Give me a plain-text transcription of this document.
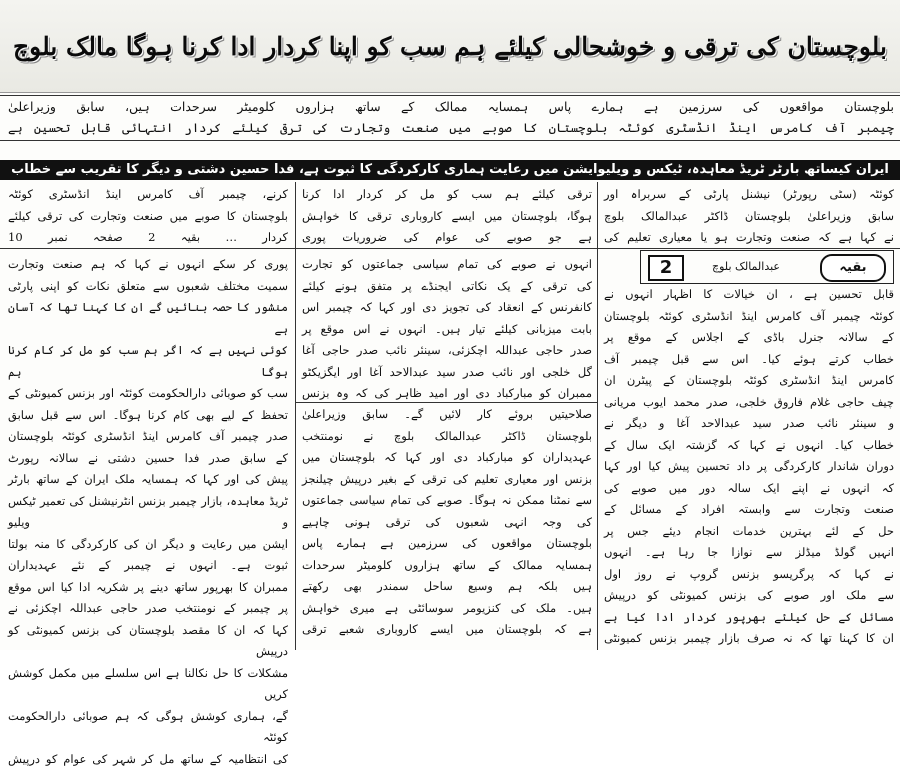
بلوچستان کی ترقی و خوشحالی کیلئے ہم سب کو اپنا کردار ادا کرنا ہوگا مالک بلوچ

بلوچستان مواقعوں کی سرزمین ہے ہمارے پاس ہمسایہ ممالک کے ساتھ ہزاروں کلومیٹر سرحدات ہیں، سابق وزیراعلیٰ

چیمبر آف کامرس اینڈ انڈسٹری کوئٹہ بلوچستان کا صوبے میں صنعت وتجارت کی ترقی کیلئے کردار انتہائی قابل تحسین ہے

ایران کیساتھ بارٹر ٹریڈ معاہدہ، ٹیکس و ویلیوایشن میں رعایت ہماری کارکردگی کا ثبوت ہے، فدا حسین دشتی و دیگر کا تقریب سے خطاب

کوئٹہ (سٹی رپورٹر) نیشنل پارٹی کے سربراہ اور

سابق وزیراعلیٰ بلوچستان ڈاکٹر عبدالمالک بلوچ

نے کہا ہے کہ صنعت وتجارت ہو یا معیاری تعلیم کی

ترقی کیلئے ہم سب کو مل کر کردار ادا کرنا

ہوگا، بلوچستان میں ایسے کاروباری ترقی کا خواہش

ہے جو صوبے کی عوام کی ضروریات پوری

کرنے، چیمبر آف کامرس اینڈ انڈسٹری کوئٹہ

بلوچستان کا صوبے میں صنعت وتجارت کی ترقی کیلئے

کردار … بقیہ 2 صفحہ نمبر 10

بقیہ
عبدالمالک بلوچ
2

قابل تحسین ہے ، ان خیالات کا اظہار انہوں نے

کوئٹہ چیمبر آف کامرس اینڈ انڈسٹری کوئٹہ بلوچستان

کے سالانہ جنرل باڈی کے اجلاس کے موقع پر

خطاب کرتے ہوئے کیا۔ اس سے قبل چیمبر آف

کامرس اینڈ انڈسٹری کوئٹہ بلوچستان کے پیٹرن ان

چیف حاجی غلام فاروق خلجی، صدر محمد ایوب مریانی

و سینئر نائب صدر سید عبدالاحد آغا و دیگر نے

خطاب کیا۔ انہوں نے کہا کہ گزشتہ ایک سال کے

دوران شاندار کارکردگی پر داد تحسین پیش کیا اور کہا

کہ انہوں نے اپنے ایک سالہ دور میں صوبے کی

صنعت وتجارت سے وابستہ افراد کے مسائل کے

حل کے لئے بہترین خدمات انجام دیئے جس پر

انہیں گولڈ میڈلز سے نوازا جا رہا ہے۔ انہوں

نے کہا کہ پرگریسو بزنس گروپ نے روز اول

سے ملک اور صوبے کی بزنس کمیونٹی کو درپیش

مسائل کے حل کیلئے بھرپور کردار ادا کیا ہے

ان کا کہنا تھا کہ نہ صرف بازار چیمبر بزنس کمیونٹی

انہوں نے صوبے کی تمام سیاسی جماعتوں کو تجارت

کی ترقی کے یک نکاتی ایجنڈے پر متفق ہونے کیلئے

کانفرنس کے انعقاد کی تجویز دی اور کہا کہ چیمبر اس

بابت میزبانی کیلئے تیار ہیں۔ انہوں نے اس موقع پر

صدر حاجی عبداللہ اچکزئی، سینئر نائب صدر حاجی آغا

گل خلجی اور نائب صدر سید عبدالاحد آغا اور ایگزیکٹو

ممبران کو مبارکباد دی اور امید ظاہر کی کہ وہ بزنس

صلاحیتیں بروئے کار لائیں گے۔ سابق وزیراعلیٰ

بلوچستان ڈاکٹر عبدالمالک بلوچ نے نومنتخب

عہدیداران کو مبارکباد دی اور کہا کہ بلوچستان میں

بزنس اور معیاری تعلیم کی ترقی کے بغیر درپیش چیلنجز

سے نمٹنا ممکن نہ ہوگا۔ صوبے کی تمام سیاسی جماعتوں

کی وجہ انہی شعبوں کی ترقی ہونی چاہیے

بلوچستان مواقعوں کی سرزمین ہے ہمارے پاس

ہمسایہ ممالک کے ساتھ ہزاروں کلومیٹر سرحدات

ہیں بلکہ ہم وسیع ساحل سمندر بھی رکھتے

ہیں۔ ملک کی کنزیومر سوسائٹی ہے میری خواہش

ہے کہ بلوچستان میں ایسے کاروباری شعبے ترقی

پوری کر سکے انہوں نے کہا کہ ہم صنعت وتجارت

سمیت مختلف شعبوں سے متعلق نکات کو اپنی پارٹی

منشور کا حصہ بنائیں گے ان کا کہنا تھا کہ آسان ہے

کوئی نہیں ہے کہ اگر ہم سب کو مل کر کام کرنا ہوگا ہم

سب کو صوبائی دارالحکومت کوئٹہ اور بزنس کمیونٹی کے

تحفظ کے لیے بھی کام کرنا ہوگا۔ اس سے قبل سابق

صدر چیمبر آف کامرس اینڈ انڈسٹری کوئٹہ بلوچستان

کے سابق صدر فدا حسین دشتی نے سالانہ رپورٹ

پیش کی اور کہا کہ ہمسایہ ملک ایران کے ساتھ بارٹر

ٹریڈ معاہدہ، بازار چیمبر بزنس انٹرنیشنل کی تعمیر ٹیکس و ویلیو

ایشن میں رعایت و دیگر ان کی کارکردگی کا منہ بولتا

ثبوت ہے۔ انہوں نے چیمبر کے نئے عہدیداران

ممبران کا بھرپور ساتھ دینے پر شکریہ ادا کیا اس موقع

پر چیمبر کے نومنتخب صدر حاجی عبداللہ اچکزئی نے

کہا کہ ان کا مقصد بلوچستان کی بزنس کمیونٹی کو درپیش

مشکلات کا حل نکالنا ہے اس سلسلے میں مکمل کوشش کریں

گے، ہماری کوشش ہوگی کہ ہم صوبائی دارالحکومت کوئٹہ

کی انتظامیہ کے ساتھ مل کر شہر کی عوام کو درپیش
